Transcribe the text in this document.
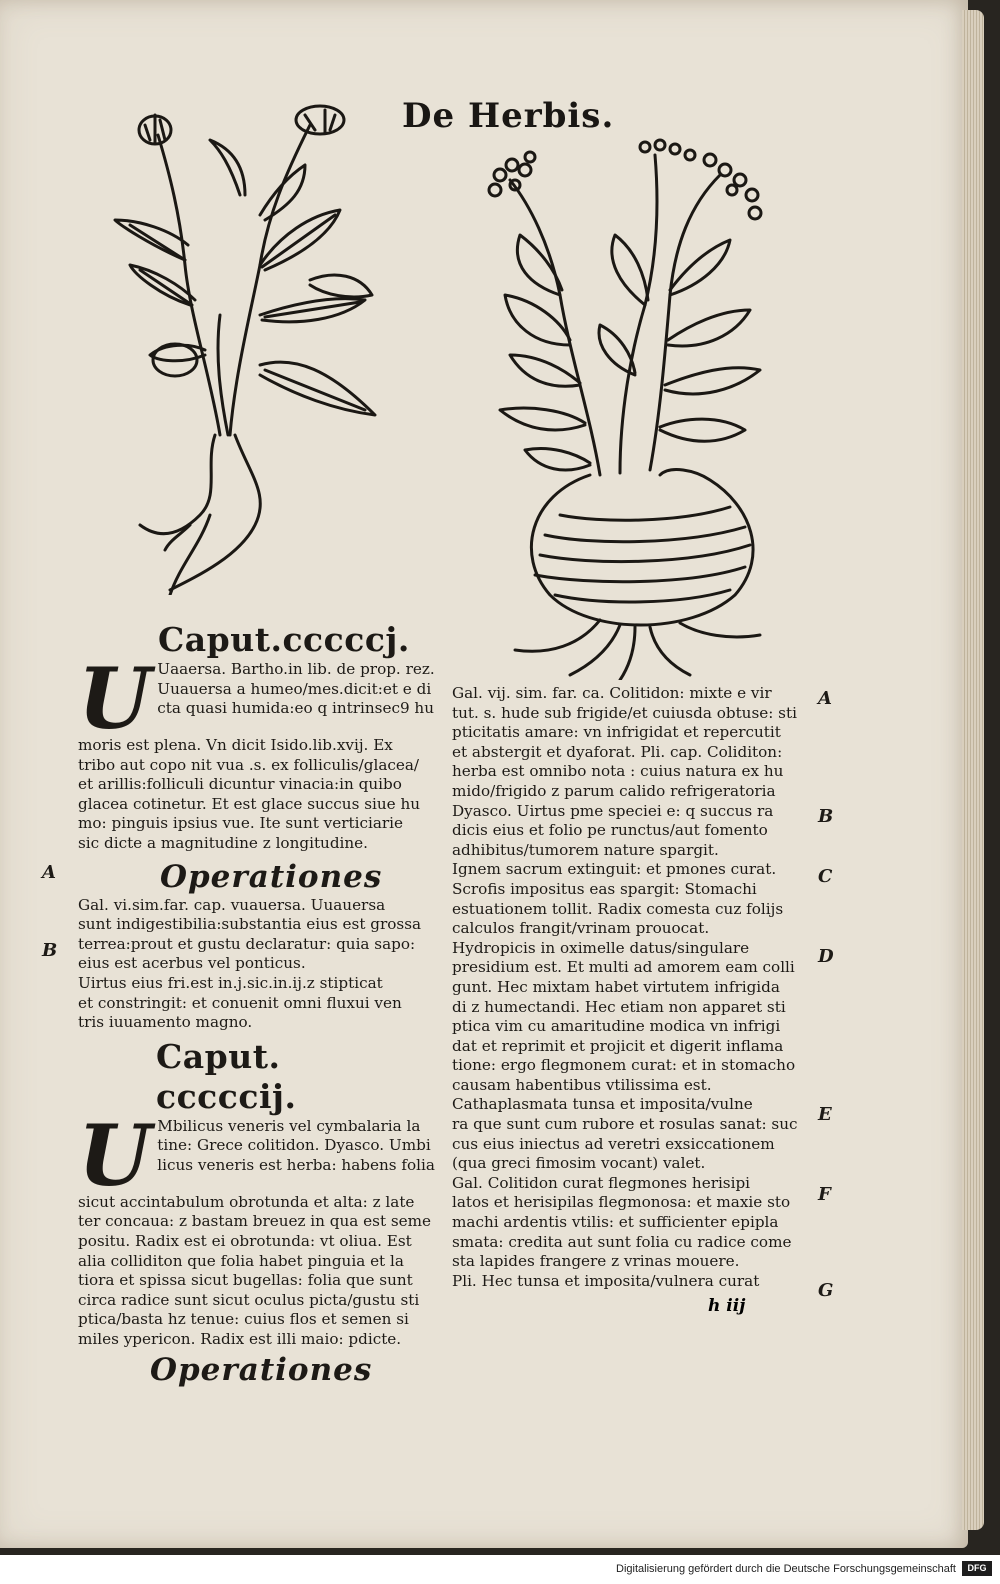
De Herbis.
Caput.cccccj.
U Uaaersa. Bartho.in lib. de prop. rez.

Uuauersa a humeo/mes.dicit:et e di

cta quasi humida:eo q intrinsec9 hu

moris est plena. Vn dicit Isido.lib.xvij. Ex

tribo aut copo nit vua .s. ex folliculis/glacea/

et arillis:folliculi dicuntur vinacia:in quibo

glacea cotinetur. Et est glace succus siue hu

mo: pinguis ipsius vue. Ite sunt verticiarie

sic dicte a magnitudine z longitudine.

Operationes

Gal. vi.sim.far. cap. vuauersa. Uuauersa

sunt indigestibilia:substantia eius est grossa

terrea:prout et gustu declaratur: quia sapo:

eius est acerbus vel ponticus.

Uirtus eius fri.est in.j.sic.in.ij.z stipticat

et constringit: et conuenit omni fluxui ven

tris iuuamento magno.

Caput. cccccij.
U Mbilicus veneris vel cymbalaria la

tine: Grece colitidon. Dyasco. Umbi

licus veneris est herba: habens folia

sicut accintabulum obrotunda et alta: z late

ter concaua: z bastam breuez in qua est seme

positu. Radix est ei obrotunda: vt oliua. Est

alia colliditon que folia habet pinguia et la

tiora et spissa sicut bugellas: folia que sunt

circa radice sunt sicut oculus picta/gustu sti

ptica/basta hz tenue: cuius flos et semen si

miles ypericon. Radix est illi maio: pdicte.

Operationes
A
B

Gal. vij. sim. far. ca. Colitidon: mixte e vir

tut. s. hude sub frigide/et cuiusda obtuse: sti

pticitatis amare: vn infrigidat et repercutit

et abstergit et dyaforat. Pli. cap. Coliditon:

herba est omnibo nota : cuius natura ex hu

mido/frigido z parum calido refrigeratoria

Dyasco. Uirtus pme speciei e: q succus ra

dicis eius et folio pe runctus/aut fomento

adhibitus/tumorem nature spargit.

Ignem sacrum extinguit: et pmones curat.

Scrofis impositus eas spargit: Stomachi

estuationem tollit. Radix comesta cuz folijs

calculos frangit/vrinam prouocat.

Hydropicis in oximelle datus/singulare

presidium est. Et multi ad amorem eam colli

gunt. Hec mixtam habet virtutem infrigida

di z humectandi. Hec etiam non apparet sti

ptica vim cu amaritudine modica vn infrigi

dat et reprimit et projicit et digerit inflama

tione: ergo flegmonem curat: et in stomacho

causam habentibus vtilissima est.

Cathaplasmata tunsa et imposita/vulne

ra que sunt cum rubore et rosulas sanat: suc

cus eius iniectus ad veretri exsiccationem

(qua greci fimosim vocant) valet.

Gal. Colitidon curat flegmones herisipi

latos et herisipilas flegmonosa: et maxie sto

machi ardentis vtilis: et sufficienter epipla

smata: credita aut sunt folia cu radice come

sta lapides frangere z vrinas mouere.

Pli. Hec tunsa et imposita/vulnera curat

A
B
C
D
E
F
G
h iij
Digitalisierung gefördert durch die Deutsche Forschungsgemeinschaft	DFG
